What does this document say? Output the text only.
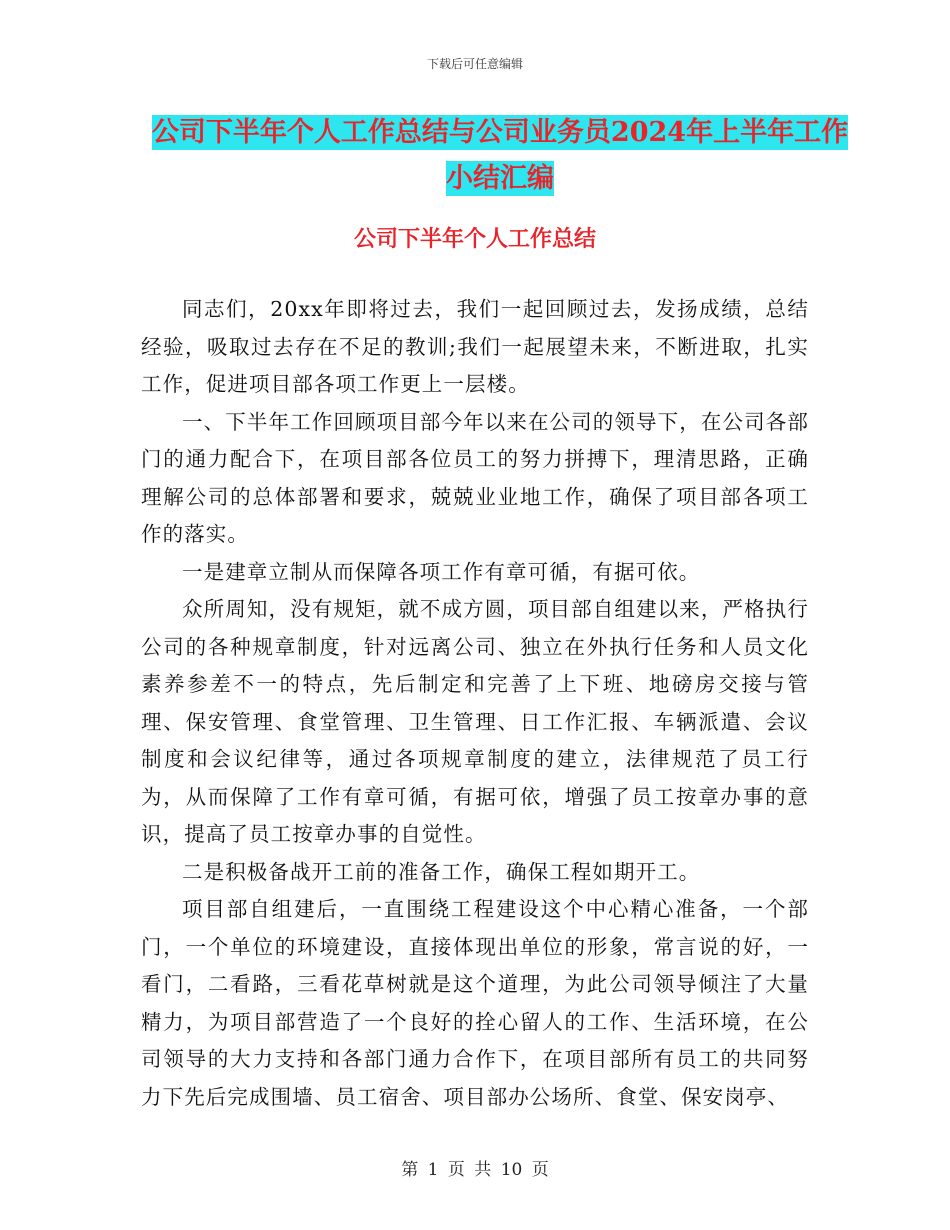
下载后可任意编辑
公司下半年个人工作总结与公司业务员2024年上半年工作小结汇编
公司下半年个人工作总结

同志们，20xx年即将过去，我们一起回顾过去，发扬成绩，总结经验，吸取过去存在不足的教训;我们一起展望未来，不断进取，扎实工作，促进项目部各项工作更上一层楼。

一、下半年工作回顾项目部今年以来在公司的领导下，在公司各部门的通力配合下，在项目部各位员工的努力拼搏下，理清思路，正确理解公司的总体部署和要求，兢兢业业地工作，确保了项目部各项工作的落实。

一是建章立制从而保障各项工作有章可循，有据可依。

众所周知，没有规矩，就不成方圆，项目部自组建以来，严格执行公司的各种规章制度，针对远离公司、独立在外执行任务和人员文化素养参差不一的特点，先后制定和完善了上下班、地磅房交接与管理、保安管理、食堂管理、卫生管理、日工作汇报、车辆派遣、会议制度和会议纪律等，通过各项规章制度的建立，法律规范了员工行为，从而保障了工作有章可循，有据可依，增强了员工按章办事的意识，提高了员工按章办事的自觉性。

二是积极备战开工前的准备工作，确保工程如期开工。

项目部自组建后，一直围绕工程建设这个中心精心准备，一个部门，一个单位的环境建设，直接体现出单位的形象，常言说的好，一看门，二看路，三看花草树就是这个道理，为此公司领导倾注了大量精力，为项目部营造了一个良好的拴心留人的工作、生活环境，在公司领导的大力支持和各部门通力合作下，在项目部所有员工的共同努力下先后完成围墙、员工宿舍、项目部办公场所、食堂、保安岗亭、

第 1 页 共 10 页
